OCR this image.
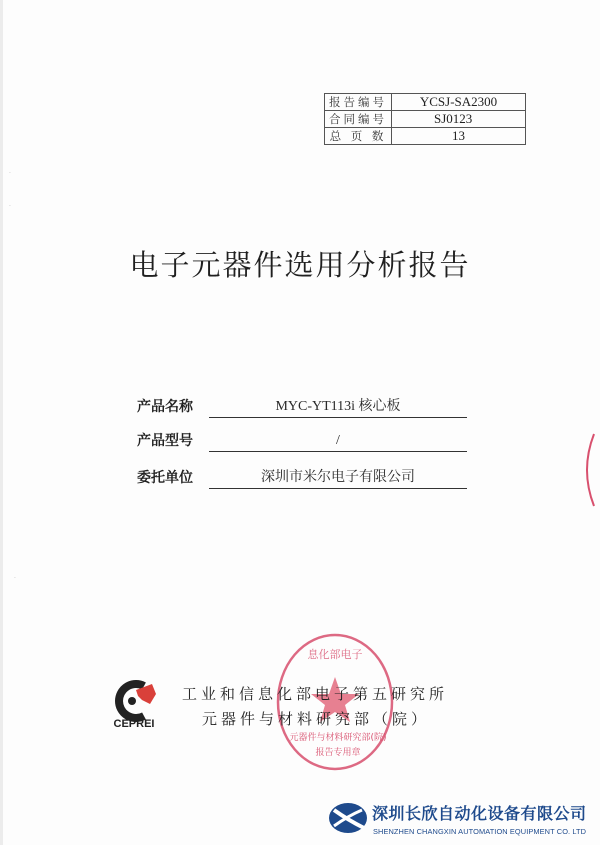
·
·
·
报告编号	YCSJ-SA2300
合同编号	SJ0123
总 页 数	13
电子元器件选用分析报告
产品名称	MYC-YT113i 核心板
产品型号	/
委托单位	深圳市米尔电子有限公司
CEPREI
息化部电子
元器件与材料研究部(院)
报告专用章
工业和信息化部电子第五研究所
元器件与材料研究部（院）
深圳长欣自动化设备有限公司
SHENZHEN CHANGXIN AUTOMATION EQUIPMENT CO. LTD
